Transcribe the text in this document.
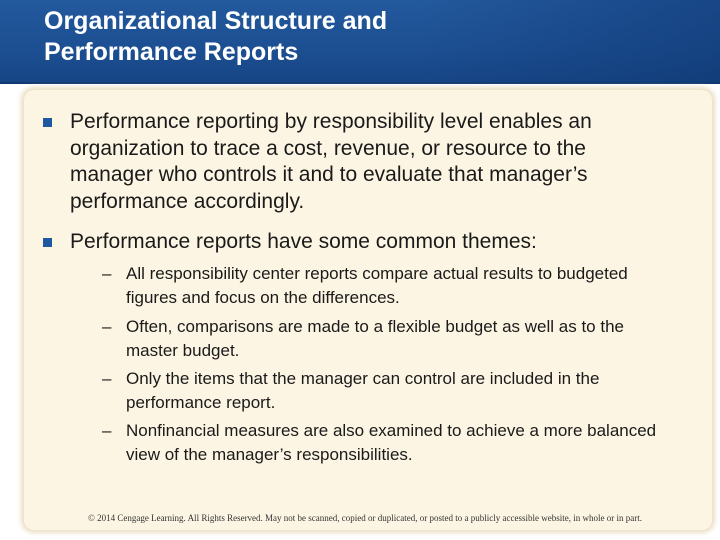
Organizational Structure and
Performance Reports
Performance reporting by responsibility level enables an organization to trace a cost, revenue, or resource to the manager who controls it and to evaluate that manager’s performance accordingly.
Performance reports have some common themes:
– All responsibility center reports compare actual results to budgeted figures and focus on the differences.
– Often, comparisons are made to a flexible budget as well as to the master budget.
– Only the items that the manager can control are included in the performance report.
– Nonfinancial measures are also examined to achieve a more balanced view of the manager’s responsibilities.
© 2014 Cengage Learning. All Rights Reserved. May not be scanned, copied or duplicated, or posted to a publicly accessible website, in whole or in part.
